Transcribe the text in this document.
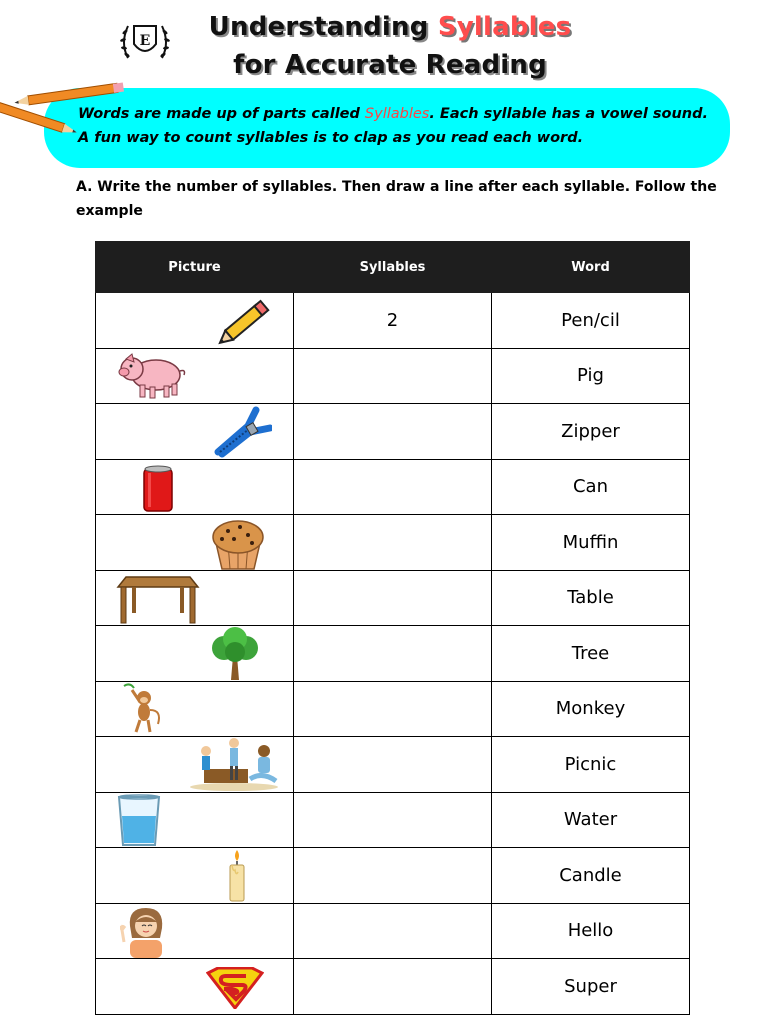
E	Understanding Syllables
for Accurate Reading
Words are made up of parts called Syllables. Each syllable has a vowel sound. A fun way to count syllables is to clap as you read each word.
A. Write the number of syllables. Then draw a line after each syllable. Follow the example
Picture	Syllables	Word

	2	Pen/cil

		Pig

		Zipper

		Can

		Muffin

		Table

		Tree

		Monkey

		Picnic

		Water

		Candle

		Hello

		Super
